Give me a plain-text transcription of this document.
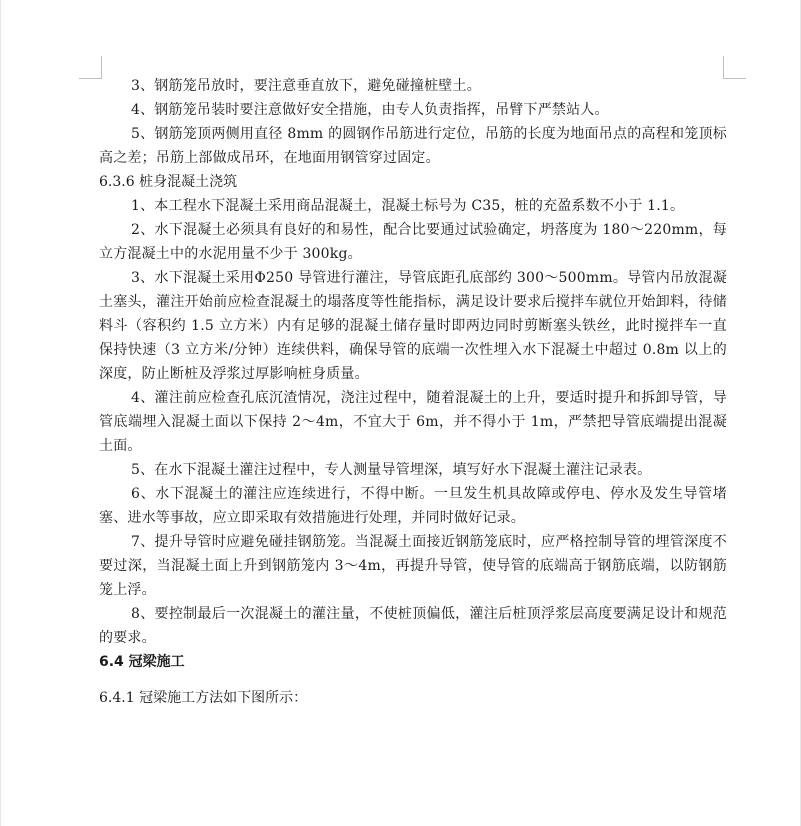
3、钢筋笼吊放时，要注意垂直放下，避免碰撞桩壁土。

4、钢筋笼吊装时要注意做好安全措施，由专人负责指挥，吊臂下严禁站人。

5、钢筋笼顶两侧用直径 8mm 的圆钢作吊筋进行定位，吊筋的长度为地面吊点的高程和笼顶标高之差；吊筋上部做成吊环，在地面用钢管穿过固定。

6.3.6 桩身混凝土浇筑

1、本工程水下混凝土采用商品混凝土，混凝土标号为 C35，桩的充盈系数不小于 1.1。

2、水下混凝土必须具有良好的和易性，配合比要通过试验确定，坍落度为 180～220mm，每立方混凝土中的水泥用量不少于 300kg。

3、水下混凝土采用Φ250 导管进行灌注，导管底距孔底部约 300～500mm。导管内吊放混凝土塞头，灌注开始前应检查混凝土的塌落度等性能指标，满足设计要求后搅拌车就位开始卸料，待储料斗（容积约 1.5 立方米）内有足够的混凝土储存量时即两边同时剪断塞头铁丝，此时搅拌车一直保持快速（3 立方米/分钟）连续供料，确保导管的底端一次性埋入水下混凝土中超过 0.8m 以上的深度，防止断桩及浮浆过厚影响桩身质量。

4、灌注前应检查孔底沉渣情况，浇注过程中，随着混凝土的上升，要适时提升和拆卸导管，导管底端埋入混凝土面以下保持 2～4m，不宜大于 6m，并不得小于 1m，严禁把导管底端提出混凝土面。

5、在水下混凝土灌注过程中，专人测量导管埋深，填写好水下混凝土灌注记录表。

6、水下混凝土的灌注应连续进行，不得中断。一旦发生机具故障或停电、停水及发生导管堵塞、进水等事故，应立即采取有效措施进行处理，并同时做好记录。

7、提升导管时应避免碰挂钢筋笼。当混凝土面接近钢筋笼底时，应严格控制导管的埋管深度不要过深，当混凝土面上升到钢筋笼内 3～4m，再提升导管，使导管的底端高于钢筋底端，以防钢筋笼上浮。

8、要控制最后一次混凝土的灌注量，不使桩顶偏低，灌注后桩顶浮浆层高度要满足设计和规范的要求。

6.4 冠梁施工

6.4.1 冠梁施工方法如下图所示：
